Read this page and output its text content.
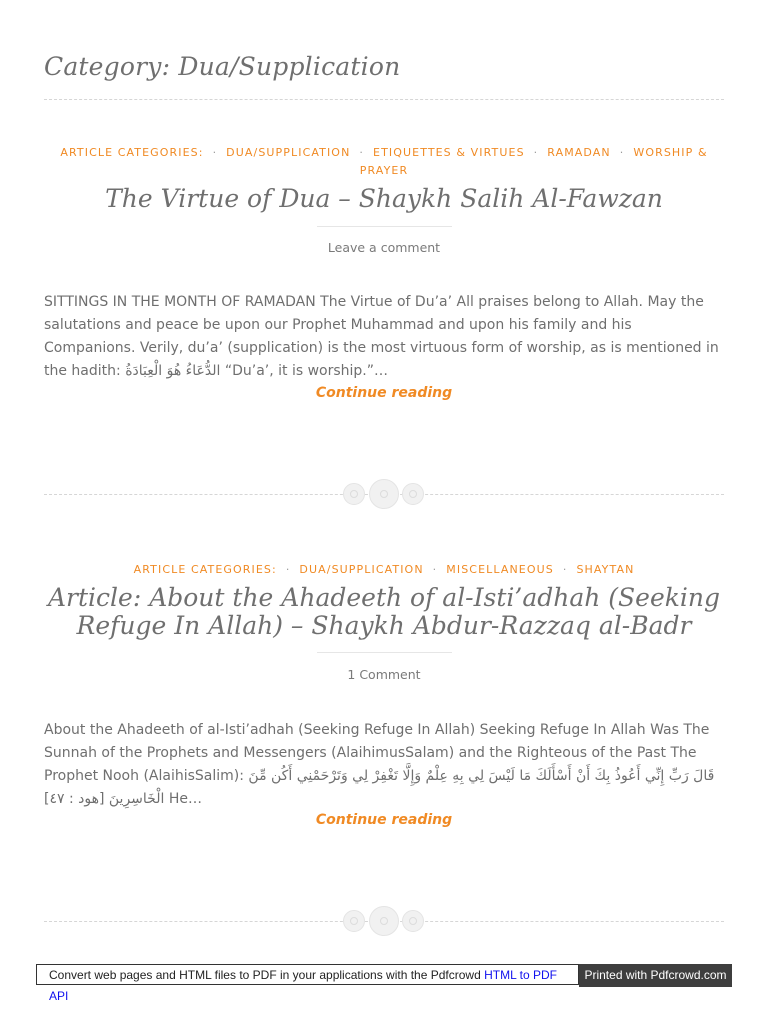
Category: Dua/Supplication
ARTICLE CATEGORIES: · DUA/SUPPLICATION · ETIQUETTES & VIRTUES · RAMADAN · WORSHIP & PRAYER
The Virtue of Dua – Shaykh Salih Al-Fawzan
Leave a comment

SITTINGS IN THE MONTH OF RAMADAN The Virtue of Du’a’ All praises belong to Allah. May the salutations and peace be upon our Prophet Muhammad and upon his family and his Companions. Verily, du’a’ (supplication) is the most virtuous form of worship, as is mentioned in the hadith: الدُّعَاءُ هُوَ الْعِبَادَةُ “Du’a’, it is worship.”…

Continue reading
ARTICLE CATEGORIES: · DUA/SUPPLICATION · MISCELLANEOUS · SHAYTAN
Article: About the Ahadeeth of al-Isti’adhah (Seeking Refuge In Allah) – Shaykh Abdur-Razzaq al-Badr
1 Comment

About the Ahadeeth of al-Isti’adhah (Seeking Refuge In Allah) Seeking Refuge In Allah Was The Sunnah of the Prophets and Messengers (AlaihimusSalam) and the Righteous of the Past The Prophet Nooh (AlaihisSalim): قَالَ رَبِّ إِنِّي أَعُوذُ بِكَ أَنْ أَسْأَلَكَ مَا لَيْسَ لِي بِهِ عِلْمٌ وَإِلَّا تَغْفِرْ لِي وَتَرْحَمْنِي أَكُن مِّنَ الْخَاسِرِينَ [هود : ٤٧] He…

Continue reading
Convert web pages and HTML files to PDF in your applications with the Pdfcrowd HTML to PDF API
Printed with Pdfcrowd.com
